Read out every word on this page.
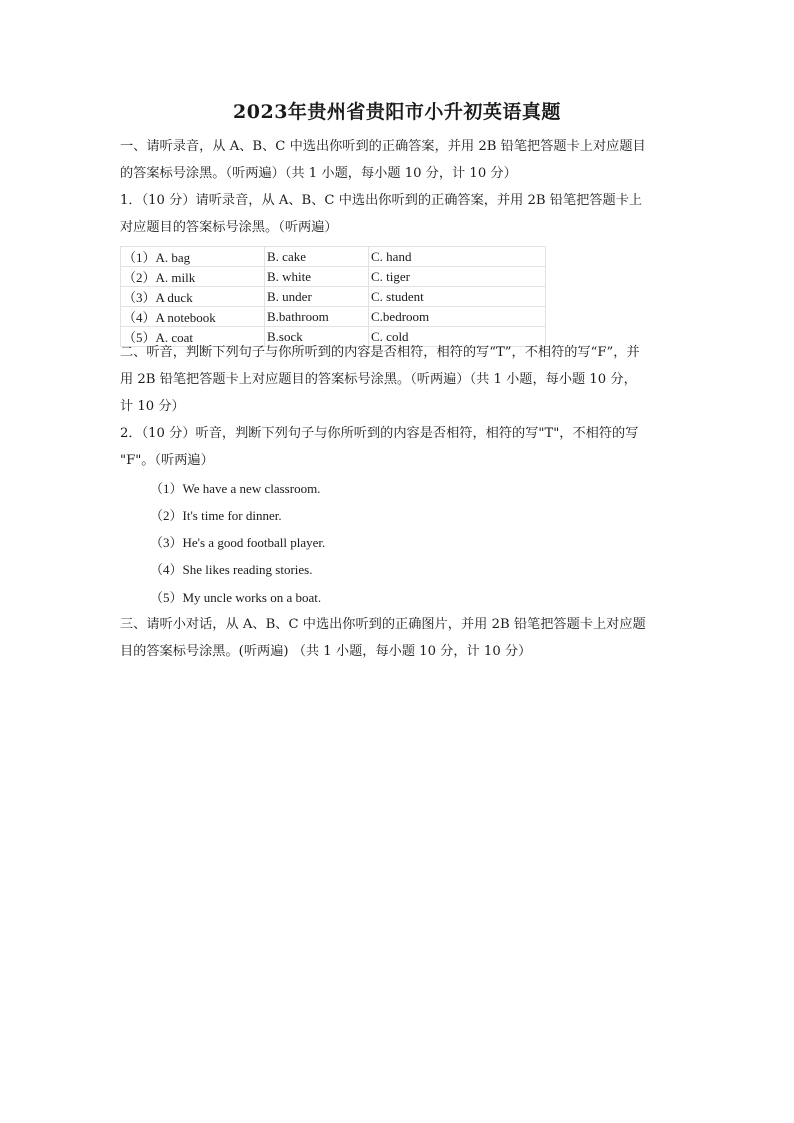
2023年贵州省贵阳市小升初英语真题
一、请听录音，从 A、B、C 中选出你听到的正确答案，并用 2B 铅笔把答题卡上对应题目
的答案标号涂黑。（听两遍）（共 1 小题，每小题 10 分，计 10 分）
1．（10 分）请听录音，从 A、B、C 中选出你听到的正确答案，并用 2B 铅笔把答题卡上
对应题目的答案标号涂黑。（听两遍）
（1）A. bag	B. cake	C. hand
（2）A. milk	B. white	C. tiger
（3）A duck	B. under	C. student
（4）A notebook	B.bathroom	C.bedroom
（5）A. coat	B.sock	C. cold
二、听音，判断下列句子与你所听到的内容是否相符，相符的写“T”，不相符的写“F”，并
用 2B 铅笔把答题卡上对应题目的答案标号涂黑。（听两遍）（共 1 小题，每小题 10 分，
计 10 分）
2．（10 分）听音，判断下列句子与你所听到的内容是否相符，相符的写"T"，不相符的写
"F"。（听两遍）
（1）We have a new classroom.
（2）It's time for dinner.
（3）He's a good football player.
（4）She likes reading stories.
（5）My uncle works on a boat.
三、请听小对话，从 A、B、C 中选出你听到的正确图片，并用 2B 铅笔把答题卡上对应题
目的答案标号涂黑。(听两遍) （共 1 小题，每小题 10 分，计 10 分）
